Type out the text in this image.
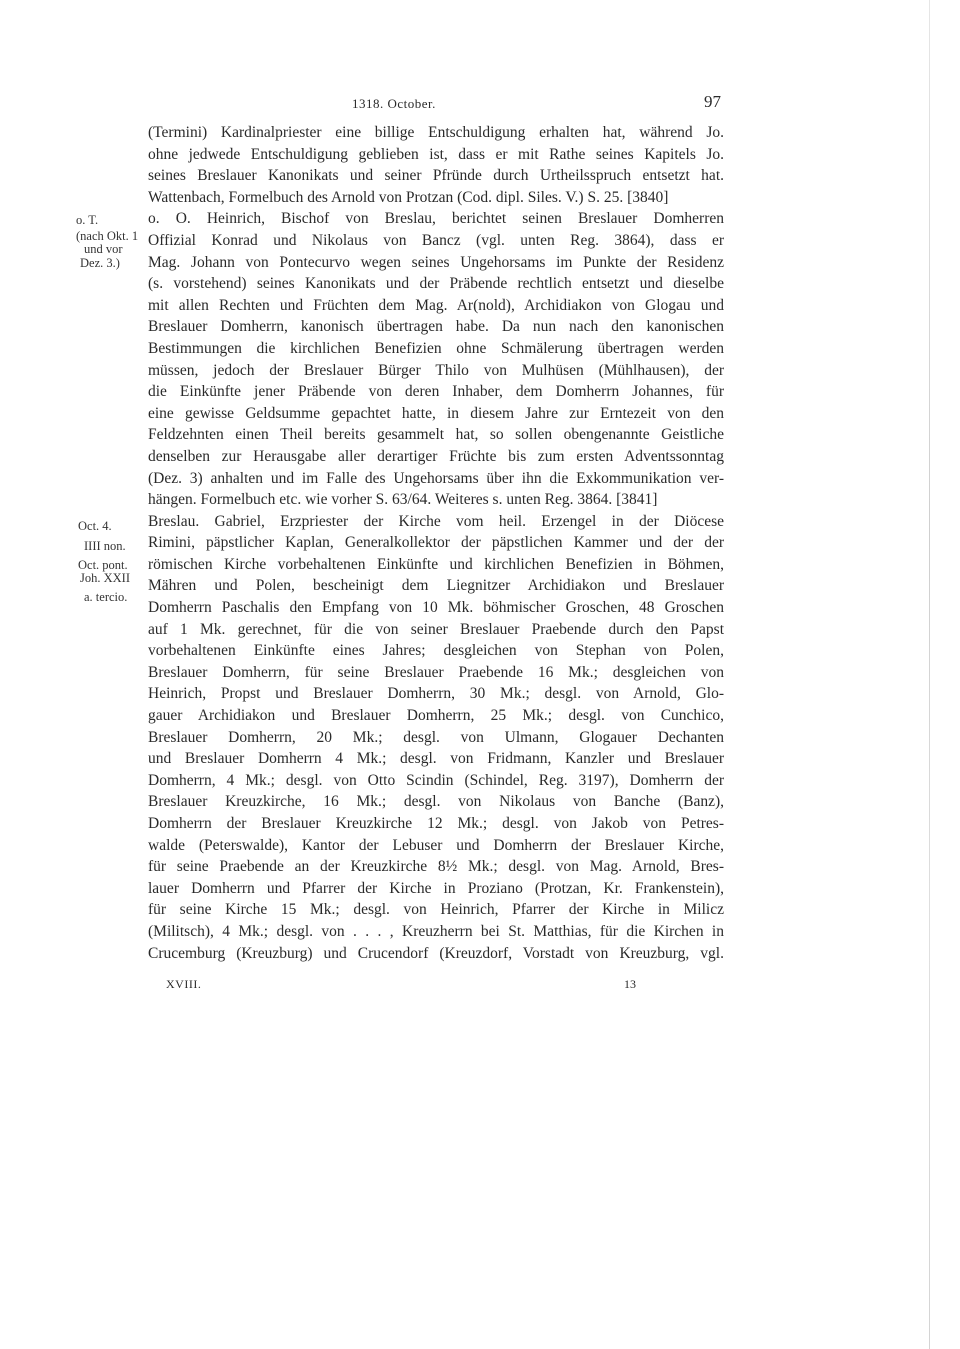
1318. October.	97
o. T.
(nach Okt. 1
und vor
Dez. 3.)
Oct. 4.
IIII non.
Oct. pont.
Joh. XXII
a. tercio.
(Termini) Kardinalpriester eine billige Entschuldigung erhalten hat, während Jo.
ohne jedwede Entschuldigung geblieben ist, dass er mit Rathe seines Kapitels Jo.
seines Breslauer Kanonikats und seiner Pfründe durch Urtheilsspruch entsetzt hat.
Wattenbach, Formelbuch des Arnold von Protzan (Cod. dipl. Siles. V.) S. 25. [3840]
o. O. Heinrich, Bischof von Breslau, berichtet seinen Breslauer Domherren
Offizial Konrad und Nikolaus von Bancz (vgl. unten Reg. 3864), dass er
Mag. Johann von Pontecurvo wegen seines Ungehorsams im Punkte der Residenz
(s. vorstehend) seines Kanonikats und der Präbende rechtlich entsetzt und dieselbe
mit allen Rechten und Früchten dem Mag. Ar(nold), Archidiakon von Glogau und
Breslauer Domherrn, kanonisch übertragen habe. Da nun nach den kanonischen
Bestimmungen die kirchlichen Benefizien ohne Schmälerung übertragen werden
müssen, jedoch der Breslauer Bürger Thilo von Mulhüsen (Mühlhausen), der
die Einkünfte jener Präbende von deren Inhaber, dem Domherrn Johannes, für
eine gewisse Geldsumme gepachtet hatte, in diesem Jahre zur Erntezeit von den
Feldzehnten einen Theil bereits gesammelt hat, so sollen obengenannte Geistliche
denselben zur Herausgabe aller derartiger Früchte bis zum ersten Adventssonntag
(Dez. 3) anhalten und im Falle des Ungehorsams über ihn die Exkommunikation ver-
hängen. Formelbuch etc. wie vorher S. 63/64. Weiteres s. unten Reg. 3864. [3841]
Breslau. Gabriel, Erzpriester der Kirche vom heil. Erzengel in der Diöcese
Rimini, päpstlicher Kaplan, Generalkollektor der päpstlichen Kammer und der der
römischen Kirche vorbehaltenen Einkünfte und kirchlichen Benefizien in Böhmen,
Mähren und Polen, bescheinigt dem Liegnitzer Archidiakon und Breslauer
Domherrn Paschalis den Empfang von 10 Mk. böhmischer Groschen, 48 Groschen
auf 1 Mk. gerechnet, für die von seiner Breslauer Praebende durch den Papst
vorbehaltenen Einkünfte eines Jahres; desgleichen von Stephan von Polen,
Breslauer Domherrn, für seine Breslauer Praebende 16 Mk.; desgleichen von
Heinrich, Propst und Breslauer Domherrn, 30 Mk.; desgl. von Arnold, Glo-
gauer Archidiakon und Breslauer Domherrn, 25 Mk.; desgl. von Cunchico,
Breslauer Domherrn, 20 Mk.; desgl. von Ulmann, Glogauer Dechanten
und Breslauer Domherrn 4 Mk.; desgl. von Fridmann, Kanzler und Breslauer
Domherrn, 4 Mk.; desgl. von Otto Scindin (Schindel, Reg. 3197), Domherrn der
Breslauer Kreuzkirche, 16 Mk.; desgl. von Nikolaus von Banche (Banz),
Domherrn der Breslauer Kreuzkirche 12 Mk.; desgl. von Jakob von Petres-
walde (Peterswalde), Kantor der Lebuser und Domherrn der Breslauer Kirche,
für seine Praebende an der Kreuzkirche 8½ Mk.; desgl. von Mag. Arnold, Bres-
lauer Domherrn und Pfarrer der Kirche in Proziano (Protzan, Kr. Frankenstein),
für seine Kirche 15 Mk.; desgl. von Heinrich, Pfarrer der Kirche in Milicz
(Militsch), 4 Mk.; desgl. von . . . , Kreuzherrn bei St. Matthias, für die Kirchen in
Crucemburg (Kreuzburg) und Crucendorf (Kreuzdorf, Vorstadt von Kreuzburg, vgl.
XVIII.	13
